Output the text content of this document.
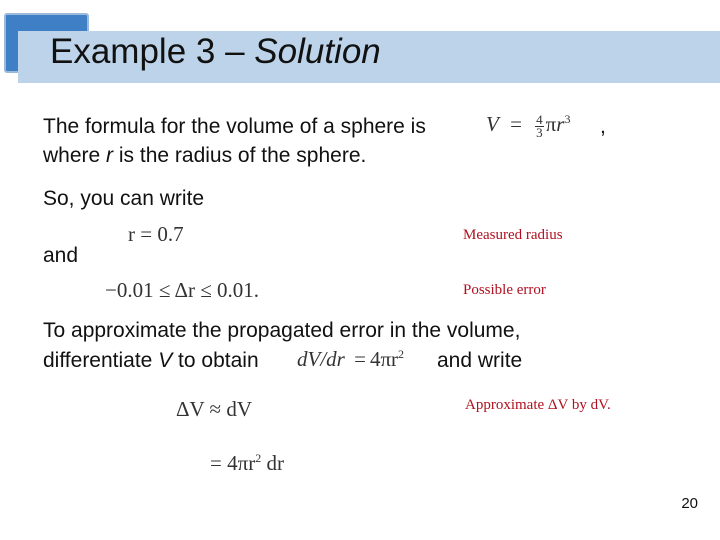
Example 3 – Solution
The formula for the volume of a sphere is	$V = \frac{4}{3} \pi r^3$ ,
where r is the radius of the sphere.
So, you can write
r = 0.7	Measured radius
and
−0.01 ≤ Δr ≤ 0.01.	Possible error
To approximate the propagated error in the volume,
differentiate V to obtain $dV/dr = 4\pi r^2$ and write
ΔV ≈ dV	Approximate ΔV by dV.
= $4\pi r^2$ dr
20
